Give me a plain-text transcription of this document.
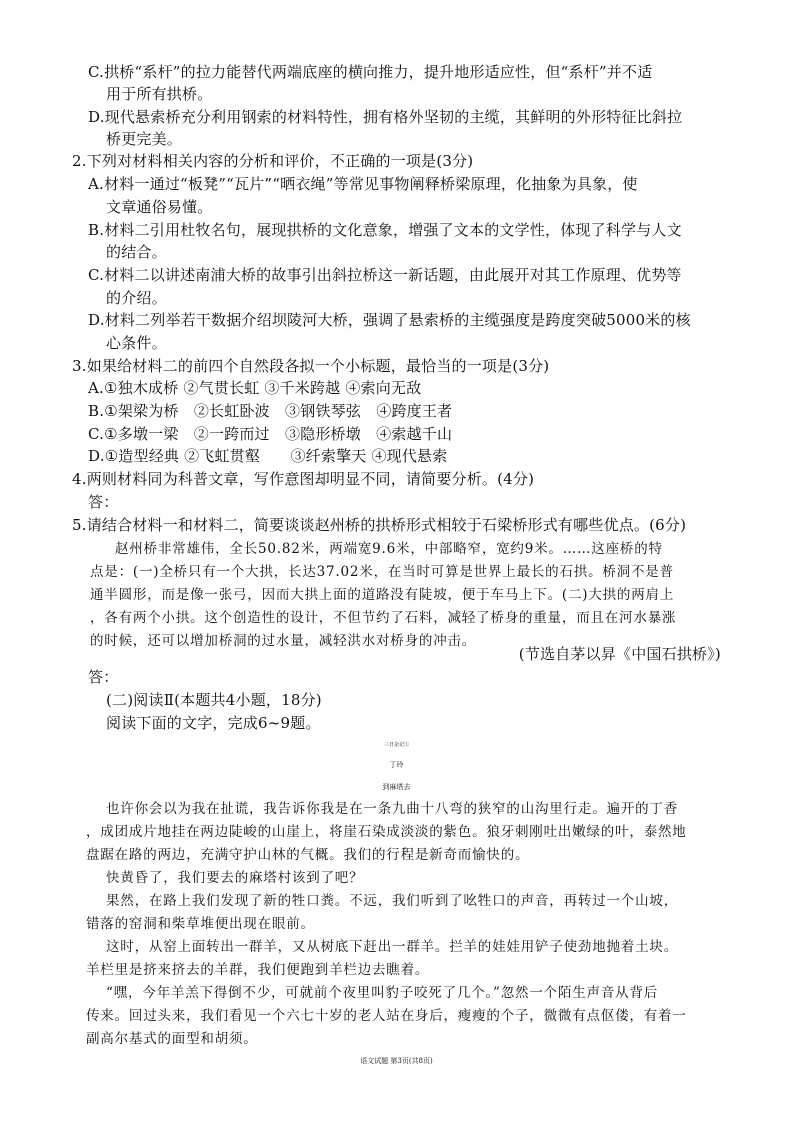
C.拱桥“系杆”的拉力能替代两端底座的横向推力，提升地形适应性，但“系杆”并不适
用于所有拱桥。
D.现代悬索桥充分利用钢索的材料特性，拥有格外坚韧的主缆，其鲜明的外形特征比斜拉
桥更完美。
2.下列对材料相关内容的分析和评价，不正确的一项是(3分)
A.材料一通过“板凳”“瓦片”“晒衣绳”等常见事物阐释桥梁原理，化抽象为具象，使
文章通俗易懂。
B.材料二引用杜牧名句，展现拱桥的文化意象，增强了文本的文学性，体现了科学与人文
的结合。
C.材料二以讲述南浦大桥的故事引出斜拉桥这一新话题，由此展开对其工作原理、优势等
的介绍。
D.材料二列举若干数据介绍坝陵河大桥，强调了悬索桥的主缆强度是跨度突破5000米的核
心条件。
3.如果给材料二的前四个自然段各拟一个小标题，最恰当的一项是(3分)
A.①独木成桥 ②气贯长虹 ③千米跨越 ④索向无敌
B.①架梁为桥　②长虹卧波　③钢铁琴弦　④跨度王者
C.①多墩一梁　②一跨而过　③隐形桥墩　④索越千山
D.①造型经典 ②飞虹贯壑　　③纤索擎天 ④现代悬索
4.两则材料同为科普文章，写作意图却明显不同，请简要分析。(4分)
答：
5.请结合材料一和材料二，简要谈谈赵州桥的拱桥形式相较于石梁桥形式有哪些优点。(6分)
赵州桥非常雄伟，全长50.82米，两端宽9.6米，中部略窄，宽约9米。……这座桥的特
点是：(一)全桥只有一个大拱，长达37.02米，在当时可算是世界上最长的石拱。桥洞不是普
通半圆形，而是像一张弓，因而大拱上面的道路没有陡坡，便于车马上下。(二)大拱的两肩上
，各有两个小拱。这个创造性的设计，不但节约了石料，减轻了桥身的重量，而且在河水暴涨
的时候，还可以增加桥洞的过水量，减轻洪水对桥身的冲击。
(节选自茅以昇《中国石拱桥》)
答：
(二)阅读Ⅱ(本题共4小题，18分)
阅读下面的文字，完成6~9题。
三日杂记①
丁玲
到麻塔去
也许你会以为我在扯谎，我告诉你我是在一条九曲十八弯的狭窄的山沟里行走。遍开的丁香
，成团成片地挂在两边陡峻的山崖上，将崖石染成淡淡的紫色。狼牙刺刚吐出嫩绿的叶，泰然地
盘踞在路的两边，充满守护山林的气概。我们的行程是新奇而愉快的。
快黄昏了，我们要去的麻塔村该到了吧？
果然，在路上我们发现了新的牲口粪。不远，我们听到了吆牲口的声音，再转过一个山坡，
错落的窑洞和柴草堆便出现在眼前。
这时，从窑上面转出一群羊，又从树底下赶出一群羊。拦羊的娃娃用铲子使劲地抛着土块。
羊栏里是挤来挤去的羊群，我们便跑到羊栏边去瞧着。
“嘿，今年羊羔下得倒不少，可就前个夜里叫豹子咬死了几个。”忽然一个陌生声音从背后
传来。回过头来，我们看见一个六七十岁的老人站在身后，瘦瘦的个子，微微有点伛偻，有着一
副高尔基式的面型和胡须。
语文试题 第3页(共8页)
